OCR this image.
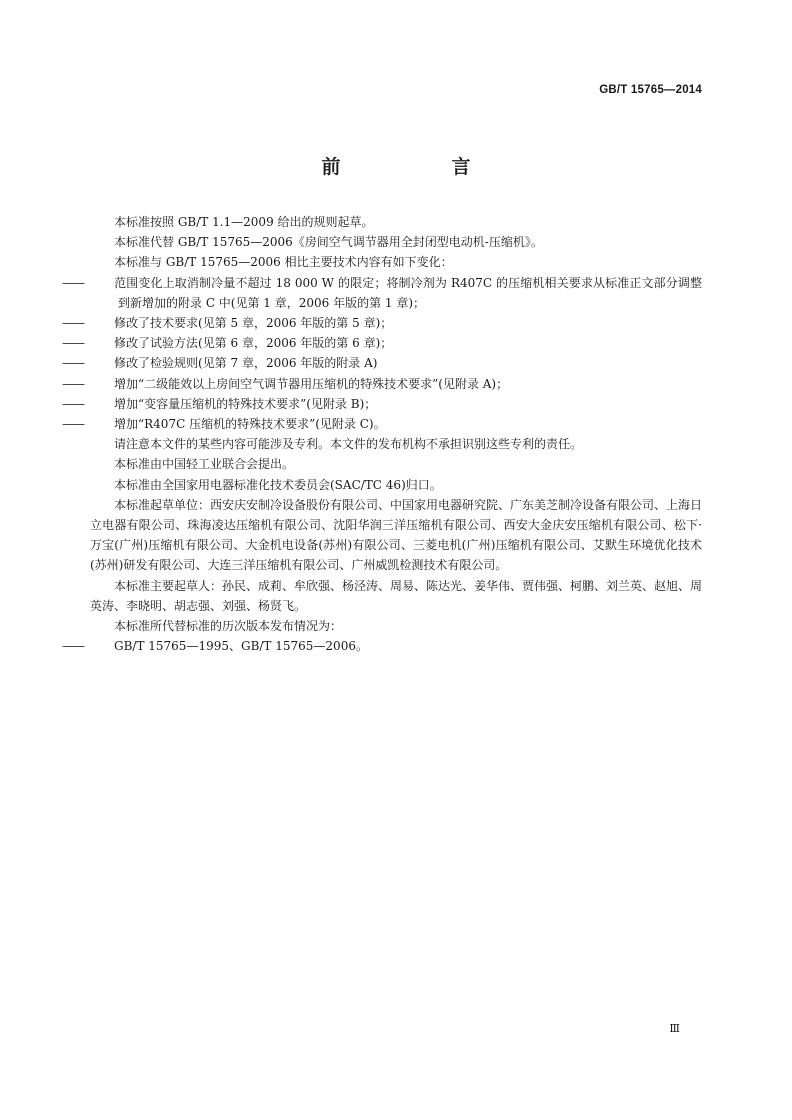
GB/T 15765—2014
前　言

本标准按照 GB/T 1.1—2009 给出的规则起草。

本标准代替 GB/T 15765—2006《房间空气调节器用全封闭型电动机-压缩机》。

本标准与 GB/T 15765—2006 相比主要技术内容有如下变化：

——	范围变化上取消制冷量不超过 18 000 W 的限定；将制冷剂为 R407C 的压缩机相关要求从标准正文部分调整到新增加的附录 C 中(见第 1 章，2006 年版的第 1 章)；

——	修改了技术要求(见第 5 章，2006 年版的第 5 章)；

——	修改了试验方法(见第 6 章，2006 年版的第 6 章)；

——	修改了检验规则(见第 7 章，2006 年版的附录 A)

——	增加“二级能效以上房间空气调节器用压缩机的特殊技术要求”(见附录 A)；

——	增加“变容量压缩机的特殊技术要求”(见附录 B)；

——	增加“R407C 压缩机的特殊技术要求”(见附录 C)。

请注意本文件的某些内容可能涉及专利。本文件的发布机构不承担识别这些专利的责任。

本标准由中国轻工业联合会提出。

本标准由全国家用电器标准化技术委员会(SAC/TC 46)归口。

本标准起草单位：西安庆安制冷设备股份有限公司、中国家用电器研究院、广东美芝制冷设备有限公司、上海日立电器有限公司、珠海凌达压缩机有限公司、沈阳华润三洋压缩机有限公司、西安大金庆安压缩机有限公司、松下·万宝(广州)压缩机有限公司、大金机电设备(苏州)有限公司、三菱电机(广州)压缩机有限公司、艾默生环境优化技术(苏州)研发有限公司、大连三洋压缩机有限公司、广州威凯检测技术有限公司。

本标准主要起草人：孙民、成莉、牟欣强、杨泾涛、周易、陈达光、姜华伟、贾伟强、柯鹏、刘兰英、赵旭、周英涛、李晓明、胡志强、刘强、杨贤飞。

本标准所代替标准的历次版本发布情况为：

——	GB/T 15765—1995、GB/T 15765—2006。

Ⅲ
